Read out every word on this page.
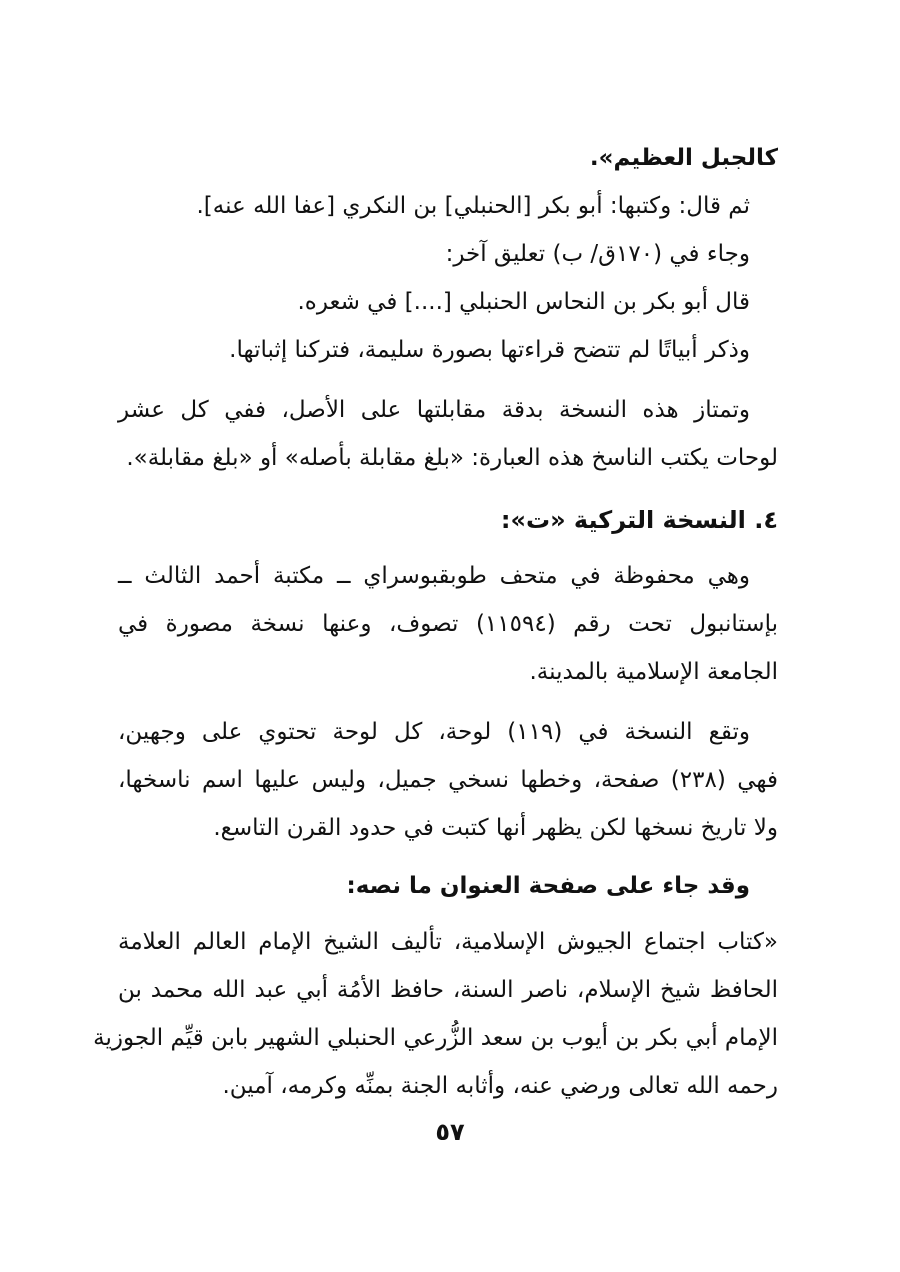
كالجبل العظيم».
ثم قال: وكتبها: أبو بكر [الحنبلي] بن النكري [عفا الله عنه].
وجاء في (١٧٠ق/ ب) تعليق آخر:
قال أبو بكر بن النحاس الحنبلي [....] في شعره.
وذكر أبياتًا لم تتضح قراءتها بصورة سليمة، فتركنا إثباتها.
وتمتاز هذه النسخة بدقة مقابلتها على الأصل، ففي كل عشر
لوحات يكتب الناسخ هذه العبارة: «بلغ مقابلة بأصله» أو «بلغ مقابلة».
٤. النسخة التركية «ت»:
وهي محفوظة في متحف طوبقبوسراي ــ مكتبة أحمد الثالث ــ
بإستانبول تحت رقم (١١٥٩٤) تصوف، وعنها نسخة مصورة في
الجامعة الإسلامية بالمدينة.
وتقع النسخة في (١١٩) لوحة، كل لوحة تحتوي على وجهين،
فهي (٢٣٨) صفحة، وخطها نسخي جميل، وليس عليها اسم ناسخها،
ولا تاريخ نسخها لكن يظهر أنها كتبت في حدود القرن التاسع.
وقد جاء على صفحة العنوان ما نصه:
«كتاب اجتماع الجيوش الإسلامية، تأليف الشيخ الإمام العالم العلامة
الحافظ شيخ الإسلام، ناصر السنة، حافظ الأمُة أبي عبد الله محمد بن
الإمام أبي بكر بن أيوب بن سعد الزُّرعي الحنبلي الشهير بابن قيِّم الجوزية
رحمه الله تعالى ورضي عنه، وأثابه الجنة بمنِّه وكرمه، آمين.
٥٧
